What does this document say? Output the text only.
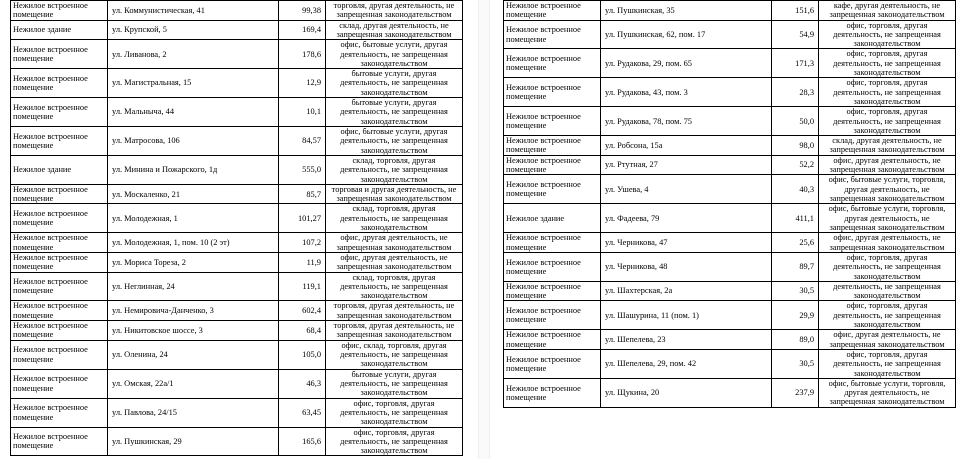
Нежилое встроенное помещение	ул. Коммунистическая, 41	99,38	торговля, другая деятельность, не запрещенная законодательством
Нежилое здание	ул. Крупской, 5	169,4	склад, другая деятельность, не запрещенная законодательством
Нежилое встроенное помещение	ул. Ливанова, 2	178,6	офис, бытовые услуги, другая деятельность, не запрещенная законодательством
Нежилое встроенное помещение	ул. Магистральная, 15	12,9	бытовые услуги, другая деятельность, не запрещенная законодательством
Нежилое встроенное помещение	ул. Мальныча, 44	10,1	бытовые услуги, другая деятельность, не запрещенная законодательством
Нежилое встроенное помещение	ул. Матросова, 106	84,57	офис, бытовые услуги, другая деятельность, не запрещенная законодательством
Нежилое здание	ул. Минина и Пожарского, 1д	555,0	склад, торговля, другая деятельность, не запрещенная законодательством
Нежилое встроенное помещение	ул. Москаленко, 21	85,7	торговая и другая деятельность, не запрещенная законодательством
Нежилое встроенное помещение	ул. Молодежная, 1	101,27	склад, торговля, другая деятельность, не запрещенная законодательством
Нежилое встроенное помещение	ул. Молодежная, 1, пом. 10 (2 эт)	107,2	офис, другая деятельность, не запрещенная законодательством
Нежилое встроенное помещение	ул. Мориса Тореза, 2	11,9	офис, другая деятельность, не запрещенная законодательством
Нежилое встроенное помещение	ул. Неглинная, 24	119,1	склад, торговля, другая деятельность, не запрещенная законодательством
Нежилое встроенное помещение	ул. Немировича-Данченко, 3	602,4	торговля, другая деятельность, не запрещенная законодательством
Нежилое встроенное помещение	ул. Никитовское шоссе, 3	68,4	торговля, другая деятельность, не запрещенная законодательством
Нежилое встроенное помещение	ул. Оленина, 24	105,0	офис, склад, торговля, другая деятельность, не запрещенная законодательством
Нежилое встроенное помещение	ул. Омская, 22а/1	46,3	бытовые услуги, другая деятельность, не запрещенная законодательством
Нежилое встроенное помещение	ул. Павлова, 24/15	63,45	офис, торговля, другая деятельность, не запрещенная законодательством
Нежилое встроенное помещение	ул. Пушкинская, 29	165,6	офис, торговля, другая деятельность, не запрещенная законодательством
Нежилое встроенное помещение	ул. Пушкинская, 35	151,6	кафе, другая деятельность, не запрещенная законодательством
Нежилое встроенное помещение	ул. Пушкинская, 62, пом. 17	54,9	офис, торговля, другая деятельность, не запрещенная законодательством
Нежилое встроенное помещение	ул. Рудакова, 29, пом. 65	171,3	офис, торговля, другая деятельность, не запрещенная законодательством
Нежилое встроенное помещение	ул. Рудакова, 43, пом. 3	28,3	офис, торговля, другая деятельность, не запрещенная законодательством
Нежилое встроенное помещение	ул. Рудакова, 78, пом. 75	50,0	офис, торговля, другая деятельность, не запрещенная законодательством
Нежилое встроенное помещение	ул. Робсона, 15а	98,0	склад, другая деятельность, не запрещенная законодательством
Нежилое встроенное помещение	ул. Ртутная, 27	52,2	офис, другая деятельность, не запрещенная законодательством
Нежилое встроенное помещение	ул. Ушева, 4	40,3	офис, бытовые услуги, торговля, другая деятельность, не запрещенная законодательством
Нежилое здание	ул. Фадеева, 79	411,1	офис, бытовые услуги, торговля, другая деятельность, не запрещенная законодательством
Нежилое встроенное помещение	ул. Черникова, 47	25,6	офис, другая деятельность, не запрещенная законодательством
Нежилое встроенное помещение	ул. Черникова, 48	89,7	офис, торговля, другая деятельность, не запрещенная законодательством
Нежилое встроенное помещение	ул. Шахтерская, 2а	30,5	деятельность, не запрещенная законодательством
Нежилое встроенное помещение	ул. Шашурина, 11 (пом. 1)	29,9	офис, торговля, другая деятельность, не запрещенная законодательством
Нежилое встроенное помещение	ул. Шепелева, 23	89,0	офис, другая деятельность, не запрещенная законодательством
Нежилое встроенное помещение	ул. Шепелева, 29, пом. 42	30,5	офис, торговля, другая деятельность, не запрещенная законодательством
Нежилое встроенное помещение	ул. Щукина, 20	237,9	офис, бытовые услуги, торговля, другая деятельность, не запрещенная законодательством
